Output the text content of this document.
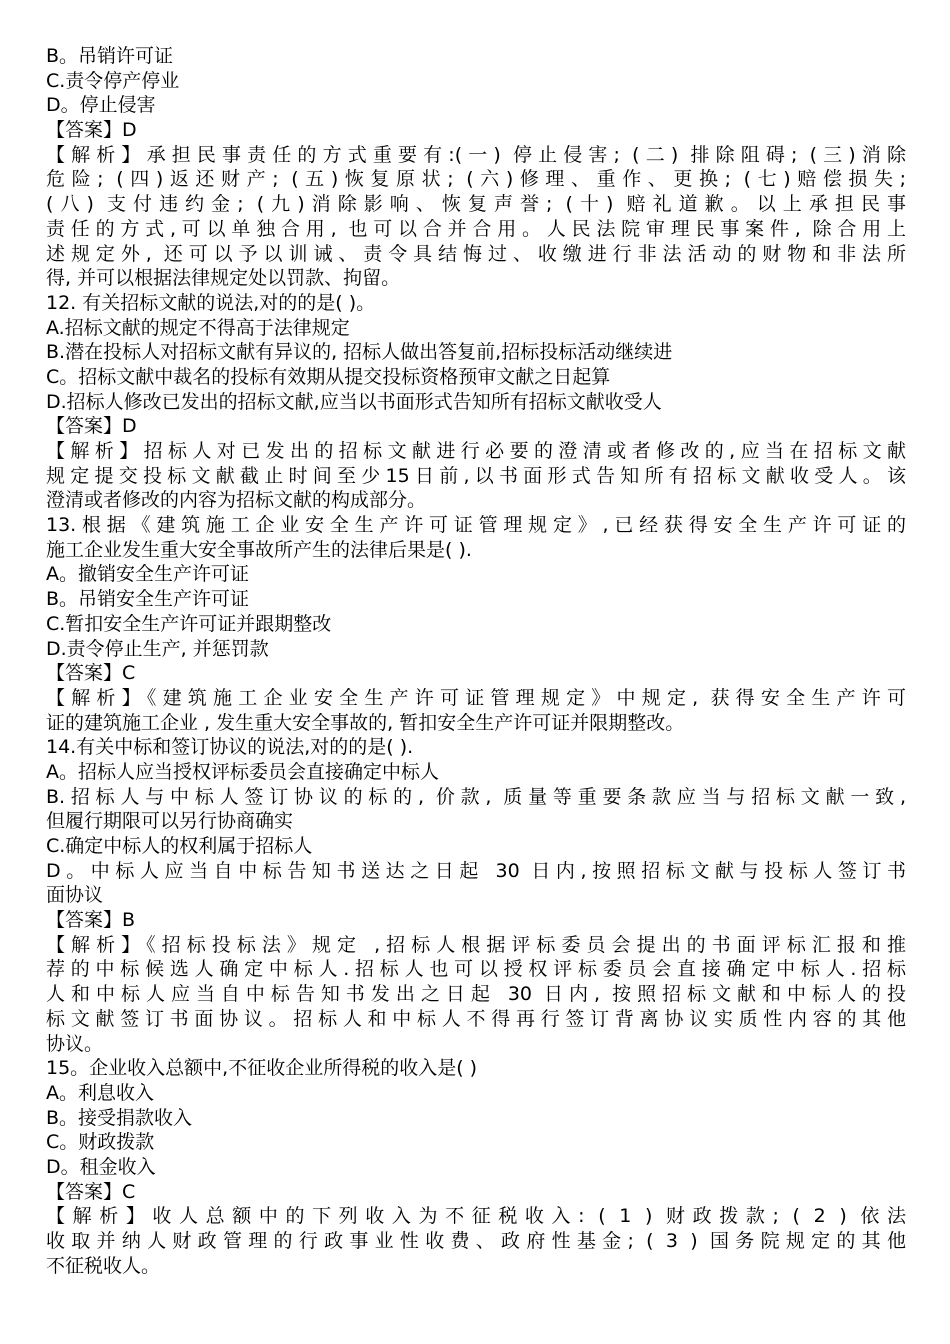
B。吊销许可证
C.责令停产停业
D。停止侵害
【答案】D
【解析】承担民事责任的方式重要有:(一) 停止侵害; (二) 排除阻碍; (三)消除
危险; (四)返还财产; (五)恢复原状; (六)修理、重作、更换; (七)赔偿损失;
(八) 支付违约金; (九)消除影响、恢复声誉; (十) 赔礼道歉。以上承担民事
责任的方式,可以单独合用, 也可以合并合用。人民法院审理民事案件, 除合用上
述规定外, 还可以予以训诫、责令具结悔过、收缴进行非法活动的财物和非法所
得, 并可以根据法律规定处以罚款、拘留。
12. 有关招标文献的说法,对的的是( )。
A.招标文献的规定不得高于法律规定
B.潜在投标人对招标文献有异议的, 招标人做出答复前,招标投标活动继续进
C。招标文献中裁名的投标有效期从提交投标资格预审文献之日起算
D.招标人修改已发出的招标文献,应当以书面形式告知所有招标文献收受人
【答案】D
【解析】招标人对已发出的招标文献进行必要的澄清或者修改的,应当在招标文献
规定提交投标文献截止时间至少15日前,以书面形式告知所有招标文献收受人。该
澄清或者修改的内容为招标文献的构成部分。
13.根据《建筑施工企业安全生产许可证管理规定》,已经获得安全生产许可证的
施工企业发生重大安全事故所产生的法律后果是( ).
A。撤销安全生产许可证
B。吊销安全生产许可证
C.暂扣安全生产许可证并跟期整改
D.责令停止生产, 并惩罚款
【答案】C
【解析】《建筑施工企业安全生产许可证管理规定》中规定, 获得安全生产许可
证的建筑施工企业 , 发生重大安全事故的, 暂扣安全生产许可证并限期整改。
14.有关中标和签订协议的说法,对的的是( ).
A。招标人应当授权评标委员会直接确定中标人
B.招标人与中标人签订协议的标的, 价款, 质量等重要条款应当与招标文献一致,
但履行期限可以另行协商确实
C.确定中标人的权利属于招标人
D。中标人应当自中标告知书送达之日起 30 日内,按照招标文献与投标人签订书
面协议
【答案】B
【解析】《招标投标法》规定 ,招标人根据评标委员会提出的书面评标汇报和推
荐的中标候选人确定中标人.招标人也可以授权评标委员会直接确定中标人.招标
人和中标人应当自中标告知书发出之日起 30 日内, 按照招标文献和中标人的投
标文献签订书面协议。招标人和中标人不得再行签订背离协议实质性内容的其他
协议。
15。企业收入总额中,不征收企业所得税的收入是( )
A。利息收入
B。接受捐款收入
C。财政拨款
D。租金收入
【答案】C
【解析】收人总额中的下列收入为不征税收入: ( 1 ) 财政拨款; ( 2 ) 依法
收取并纳人财政管理的行政事业性收费、政府性基金; ( 3 ) 国务院规定的其他
不征税收人。
